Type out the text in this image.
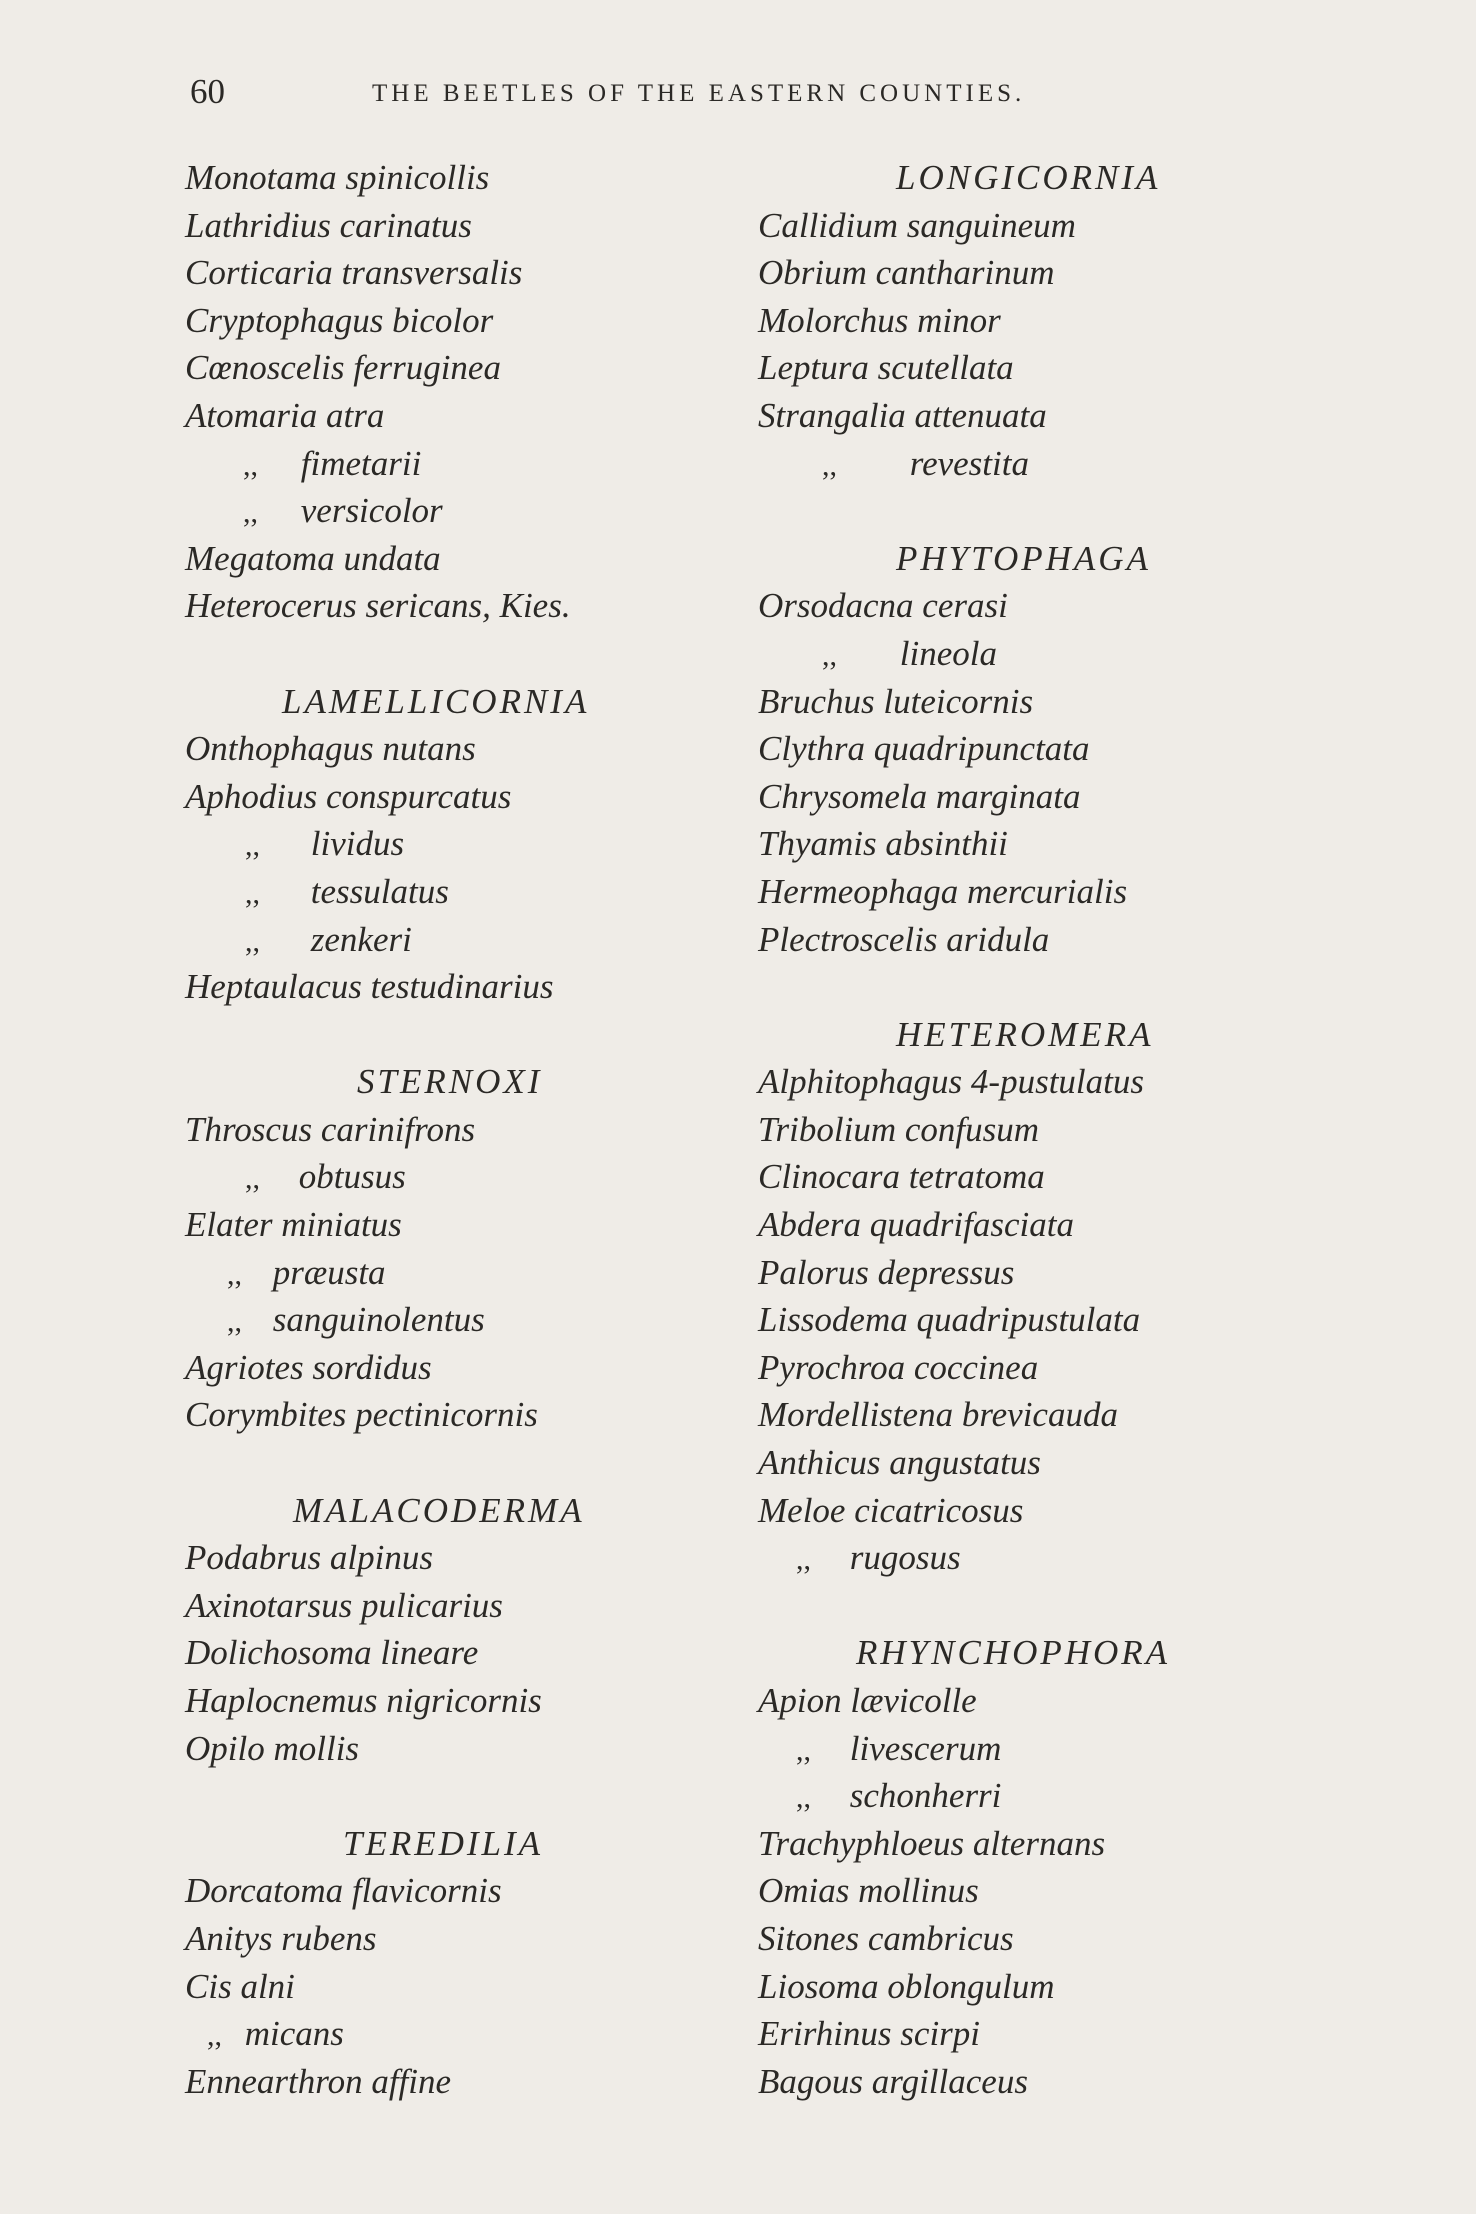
60	THE BEETLES OF THE EASTERN COUNTIES.
Monotama spinicollis
Lathridius carinatus
Corticaria transversalis
Cryptophagus bicolor
Cœnoscelis ferruginea
Atomaria atra
,, fimetarii
,, versicolor
Megatoma undata
Heterocerus sericans, Kies.
LAMELLICORNIA
Onthophagus nutans
Aphodius conspurcatus
,, lividus
,, tessulatus
,, zenkeri
Heptaulacus testudinarius
STERNOXI
Throscus carinifrons
,, obtusus
Elater miniatus
,, præusta
,, sanguinolentus
Agriotes sordidus
Corymbites pectinicornis
MALACODERMA
Podabrus alpinus
Axinotarsus pulicarius
Dolichosoma lineare
Haplocnemus nigricornis
Opilo mollis
TEREDILIA
Dorcatoma flavicornis
Anitys rubens
Cis alni
,, micans
Ennearthron affine
LONGICORNIA
Callidium sanguineum
Obrium cantharinum
Molorchus minor
Leptura scutellata
Strangalia attenuata
,, revestita
PHYTOPHAGA
Orsodacna cerasi
,, lineola
Bruchus luteicornis
Clythra quadripunctata
Chrysomela marginata
Thyamis absinthii
Hermeophaga mercurialis
Plectroscelis aridula
HETEROMERA
Alphitophagus 4-pustulatus
Tribolium confusum
Clinocara tetratoma
Abdera quadrifasciata
Palorus depressus
Lissodema quadripustulata
Pyrochroa coccinea
Mordellistena brevicauda
Anthicus angustatus
Meloe cicatricosus
,, rugosus
RHYNCHOPHORA
Apion lævicolle
,, livescerum
,, schonherri
Trachyphloeus alternans
Omias mollinus
Sitones cambricus
Liosoma oblongulum
Erirhinus scirpi
Bagous argillaceus
